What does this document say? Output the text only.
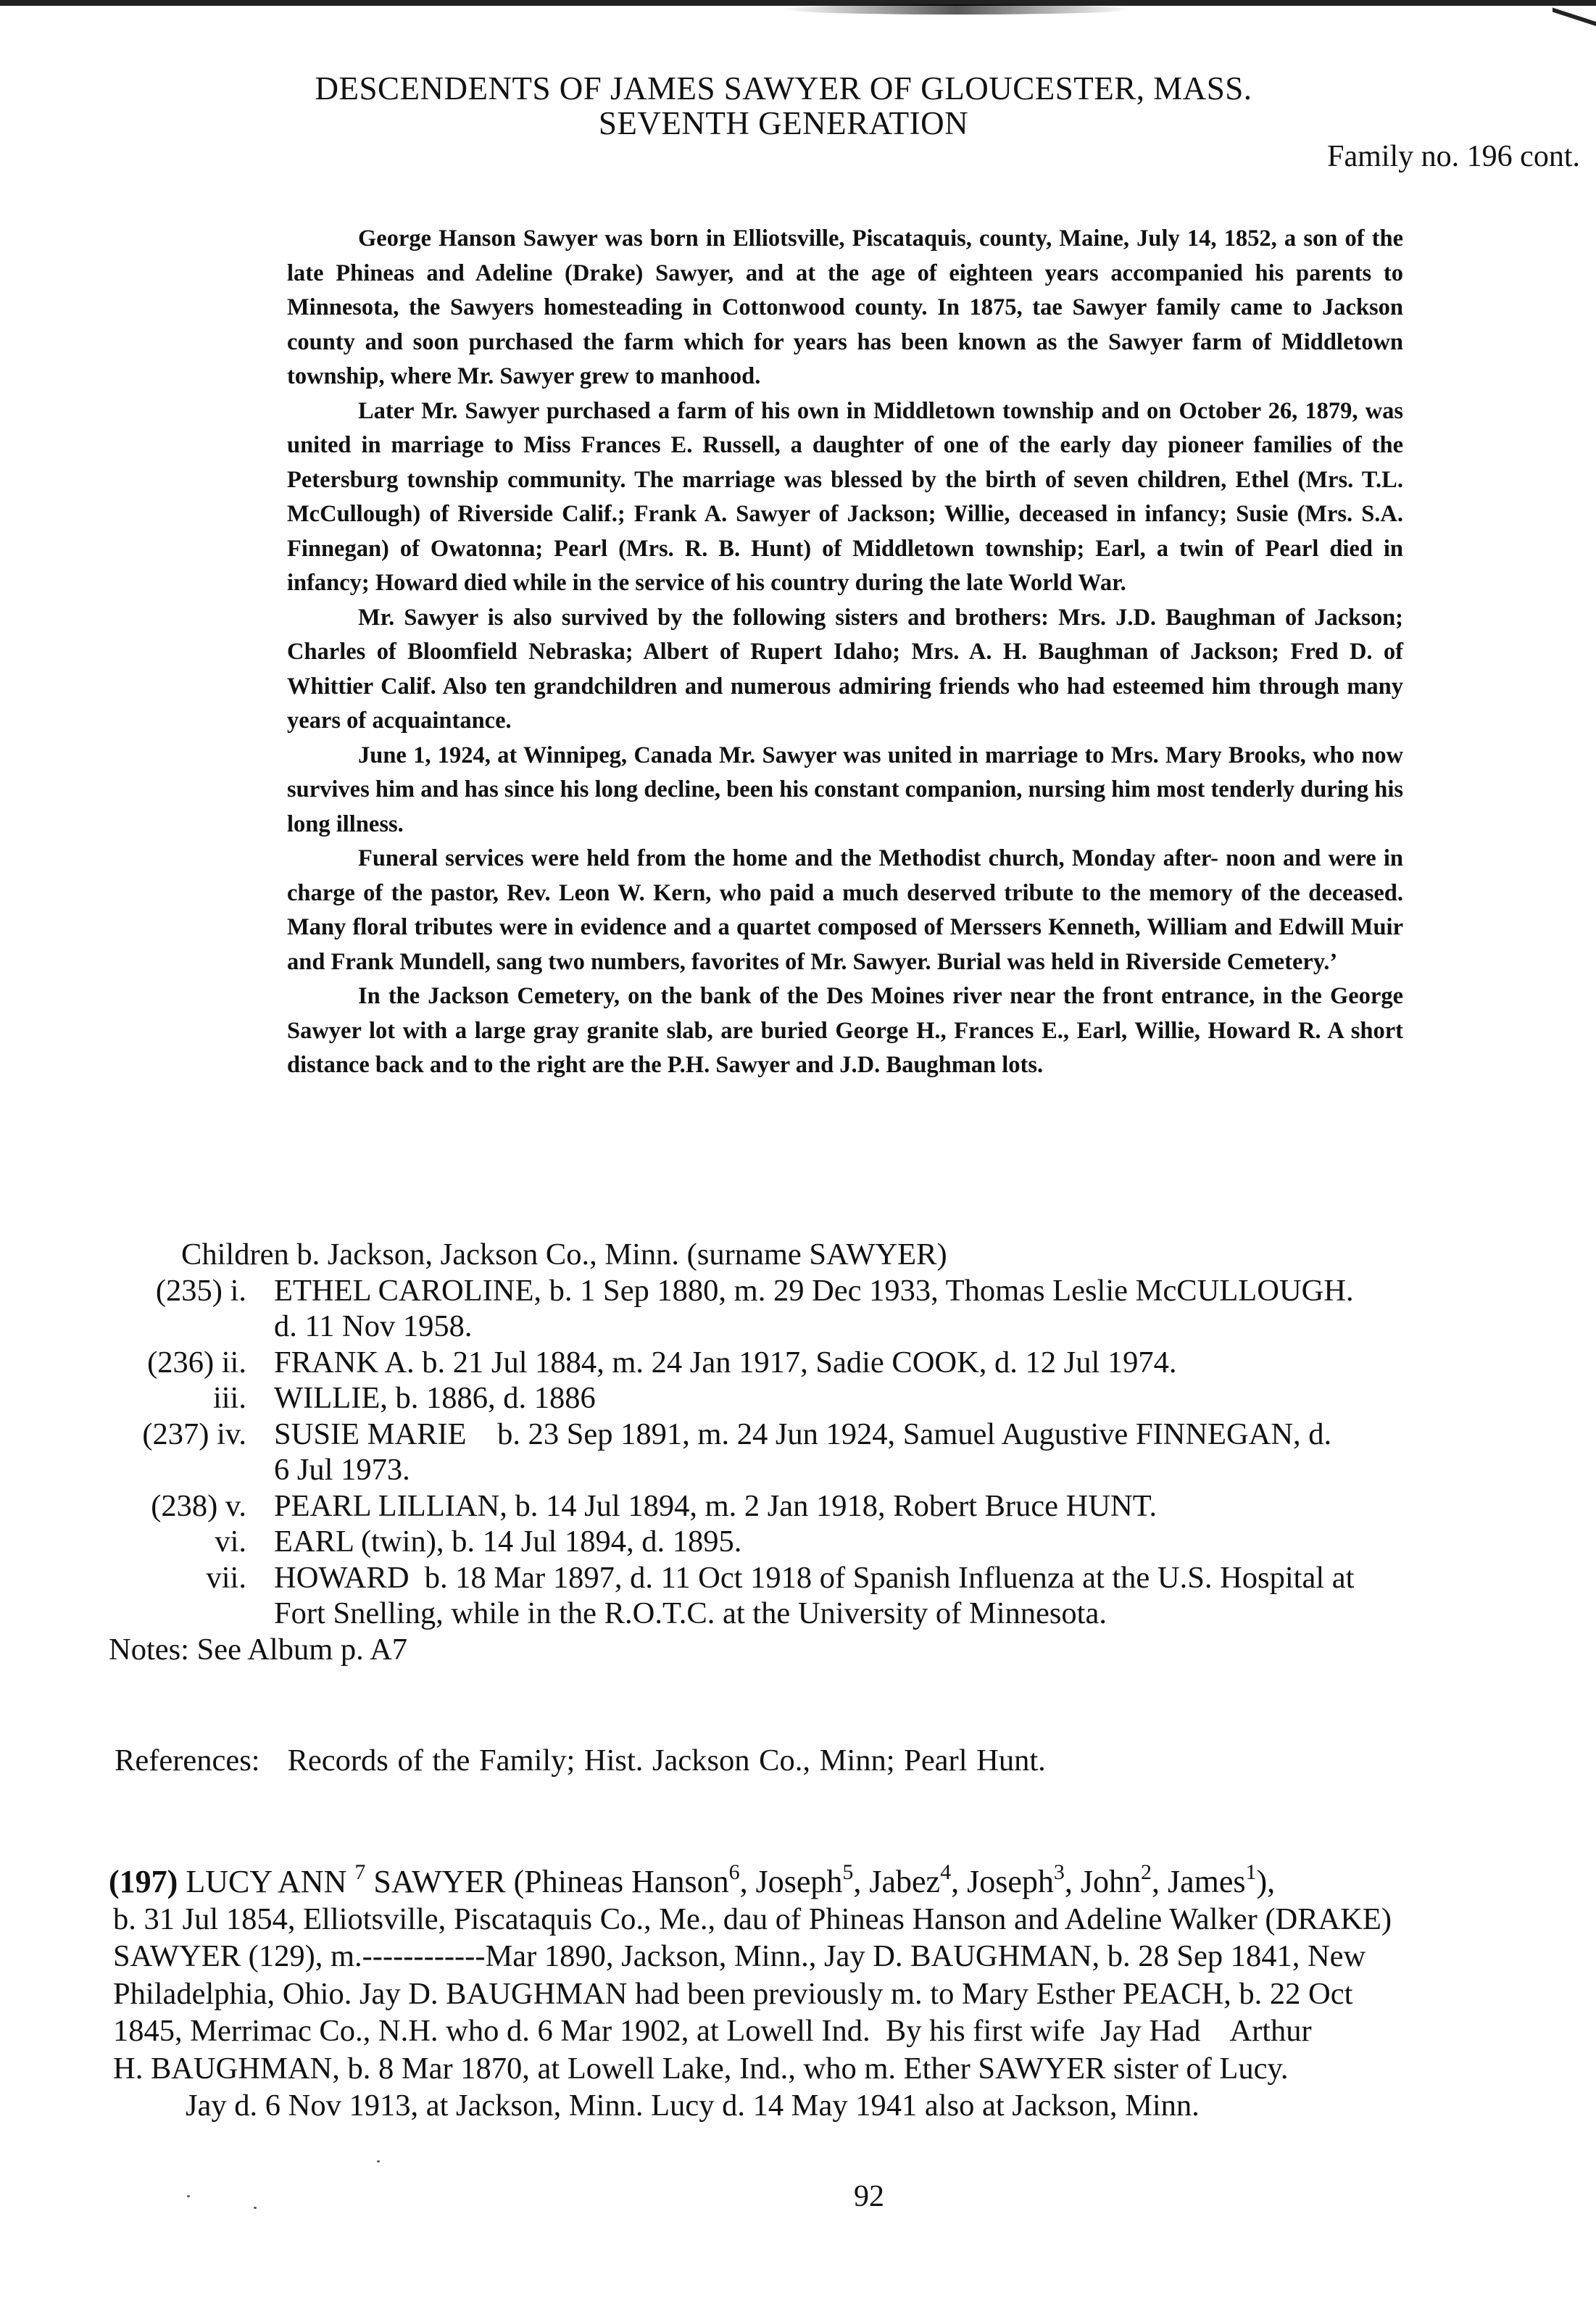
DESCENDENTS OF JAMES SAWYER OF GLOUCESTER, MASS.
SEVENTH GENERATION
Family no. 196 cont.

George Hanson Sawyer was born in Elliotsville, Piscataquis, county, Maine, July 14, 1852, a son of the late Phineas and Adeline (Drake) Sawyer, and at the age of eighteen years accompanied his parents to Minnesota, the Sawyers homesteading in Cottonwood county. In 1875, tae Sawyer family came to Jackson county and soon purchased the farm which for years has been known as the Sawyer farm of Middletown township, where Mr. Sawyer grew to manhood.

Later Mr. Sawyer purchased a farm of his own in Middletown township and on October 26, 1879, was united in marriage to Miss Frances E. Russell, a daughter of one of the early day pioneer families of the Petersburg township community. The marriage was blessed by the birth of seven children, Ethel (Mrs. T.L. McCullough) of Riverside Calif.; Frank A. Sawyer of Jackson; Willie, deceased in infancy; Susie (Mrs. S.A. Finnegan) of Owatonna; Pearl (Mrs. R. B. Hunt) of Middletown township; Earl, a twin of Pearl died in infancy; Howard died while in the service of his country during the late World War.

Mr. Sawyer is also survived by the following sisters and brothers: Mrs. J.D. Baughman of Jackson; Charles of Bloomfield Nebraska; Albert of Rupert Idaho; Mrs. A. H. Baughman of Jackson; Fred D. of Whittier Calif. Also ten grandchildren and numerous admiring friends who had esteemed him through many years of acquaintance.

June 1, 1924, at Winnipeg, Canada Mr. Sawyer was united in marriage to Mrs. Mary Brooks, who now survives him and has since his long decline, been his constant companion, nursing him most tenderly during his long illness.

Funeral services were held from the home and the Methodist church, Monday after- noon and were in charge of the pastor, Rev. Leon W. Kern, who paid a much deserved tribute to the memory of the deceased. Many floral tributes were in evidence and a quartet composed of Merssers Kenneth, William and Edwill Muir and Frank Mundell, sang two numbers, favorites of Mr. Sawyer. Burial was held in Riverside Cemetery.’

In the Jackson Cemetery, on the bank of the Des Moines river near the front entrance, in the George Sawyer lot with a large gray granite slab, are buried George H., Frances E., Earl, Willie, Howard R. A short distance back and to the right are the P.H. Sawyer and J.D. Baughman lots.

Children b. Jackson, Jackson Co., Minn. (surname SAWYER)
(235) i. ETHEL CAROLINE, b. 1 Sep 1880, m. 29 Dec 1933, Thomas Leslie McCULLOUGH.
d. 11 Nov 1958.
(236) ii. FRANK A. b. 21 Jul 1884, m. 24 Jan 1917, Sadie COOK, d. 12 Jul 1974.
iii. WILLIE, b. 1886, d. 1886
(237) iv. SUSIE MARIE    b. 23 Sep 1891, m. 24 Jun 1924, Samuel Augustive FINNEGAN, d.
6 Jul 1973.
(238) v. PEARL LILLIAN, b. 14 Jul 1894, m. 2 Jan 1918, Robert Bruce HUNT.
vi. EARL (twin), b. 14 Jul 1894, d. 1895.
vii. HOWARD  b. 18 Mar 1897, d. 11 Oct 1918 of Spanish Influenza at the U.S. Hospital at
Fort Snelling, while in the R.O.T.C. at the University of Minnesota.
Notes: See Album p. A7
References: Records of the Family; Hist. Jackson Co., Minn; Pearl Hunt.
(197) LUCY ANN $^7$ SAWYER (Phineas Hanson$^6$, Joseph$^5$, Jabez$^4$, Joseph$^3$, John$^2$, James$^1$),

b. 31 Jul 1854, Elliotsville, Piscataquis Co., Me., dau of Phineas Hanson and Adeline Walker (DRAKE)

SAWYER (129), m.------------Mar 1890, Jackson, Minn., Jay D. BAUGHMAN, b. 28 Sep 1841, New

Philadelphia, Ohio. Jay D. BAUGHMAN had been previously m. to Mary Esther PEACH, b. 22 Oct

1845, Merrimac Co., N.H. who d. 6 Mar 1902, at Lowell Ind.  By his first wife  Jay Had    Arthur

H. BAUGHMAN, b. 8 Mar 1870, at Lowell Lake, Ind., who m. Ether SAWYER sister of Lucy.

Jay d. 6 Nov 1913, at Jackson, Minn. Lucy d. 14 May 1941 also at Jackson, Minn.

92
